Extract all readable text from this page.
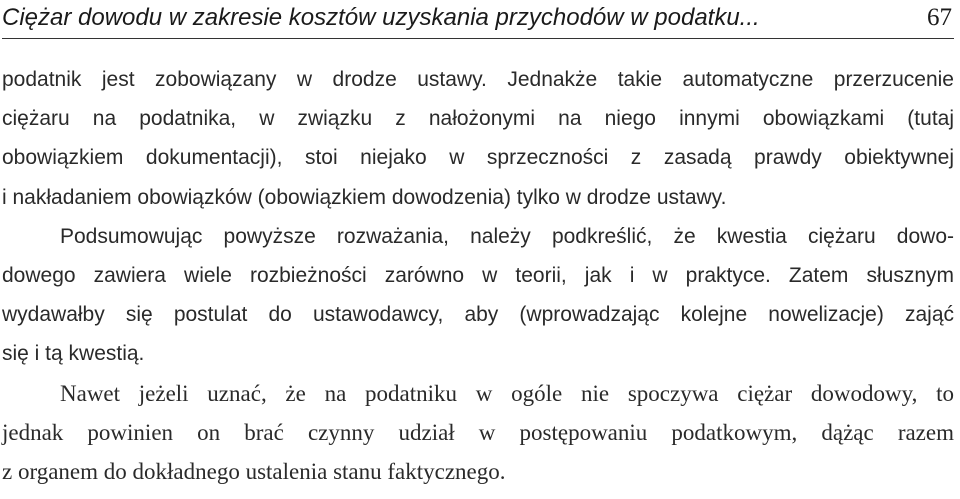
Ciężar dowodu w zakresie kosztów uzyskania przychodów w podatku...	67
podatnik jest zobowiązany w drodze ustawy. Jednakże takie automatyczne przerzucenie
ciężaru na podatnika, w związku z nałożonymi na niego innymi obowiązkami (tutaj
obowiązkiem dokumentacji), stoi niejako w sprzeczności z zasadą prawdy obiektywnej
i nakładaniem obowiązków (obowiązkiem dowodzenia) tylko w drodze ustawy.
Podsumowując powyższe rozważania, należy podkreślić, że kwestia ciężaru dowo-
dowego zawiera wiele rozbieżności zarówno w teorii, jak i w praktyce. Zatem słusznym
wydawałby się postulat do ustawodawcy, aby (wprowadzając kolejne nowelizacje) zająć
się i tą kwestią.
Nawet jeżeli uznać, że na podatniku w ogóle nie spoczywa ciężar dowodowy, to
jednak powinien on brać czynny udział w postępowaniu podatkowym, dążąc razem
z organem do dokładnego ustalenia stanu faktycznego.
